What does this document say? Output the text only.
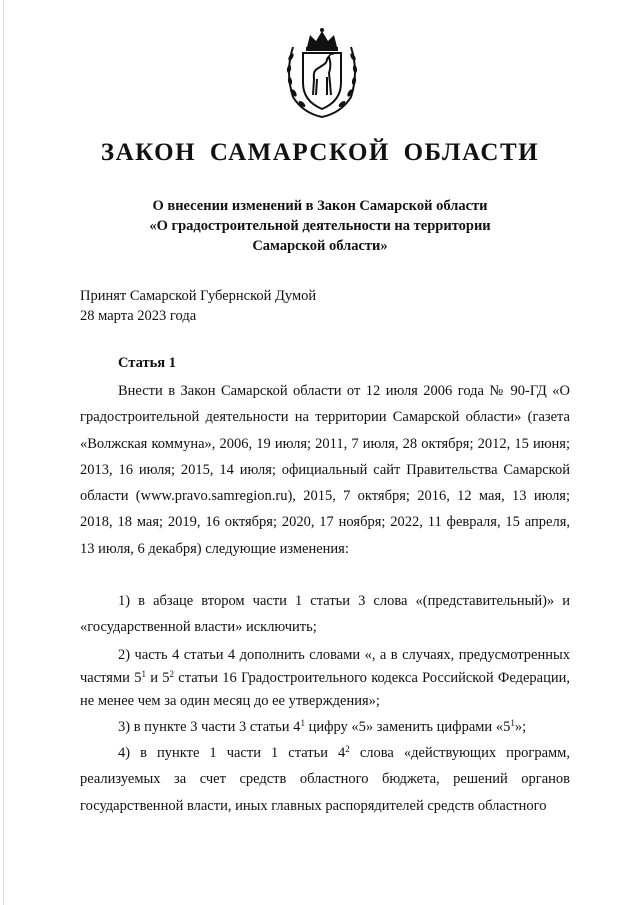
ЗАКОН САМАРСКОЙ ОБЛАСТИ
О внесении изменений в Закон Самарской области
«О градостроительной деятельности на территории
Самарской области»
Принят Самарской Губернской Думой
28 марта 2023 года
Статья 1
Внести в Закон Самарской области от 12 июля 2006 года № 90-ГД «О градостроительной деятельности на территории Самарской области» (газета «Волжская коммуна», 2006, 19 июля; 2011, 7 июля, 28 октября; 2012, 15 июня; 2013, 16 июля; 2015, 14 июля; официальный сайт Правительства Самарской области (www.pravo.samregion.ru), 2015, 7 октября; 2016, 12 мая, 13 июля; 2018, 18 мая; 2019, 16 октября; 2020, 17 ноября; 2022, 11 февраля, 15 апреля, 13 июля, 6 декабря) следующие изменения:
1) в абзаце втором части 1 статьи 3 слова «(представительный)» и «государственной власти» исключить;
2) часть 4 статьи 4 дополнить словами «, а в случаях, предусмотренных частями $5^1$ и $5^2$ статьи 16 Градостроительного кодекса Российской Федерации, не менее чем за один месяц до ее утверждения»;
3) в пункте 3 части 3 статьи $4^1$ цифру «5» заменить цифрами «$5^1$»;
4) в пункте 1 части 1 статьи $4^2$ слова «действующих программ, реализуемых за счет средств областного бюджета, решений органов государственной власти, иных главных распорядителей средств областного
